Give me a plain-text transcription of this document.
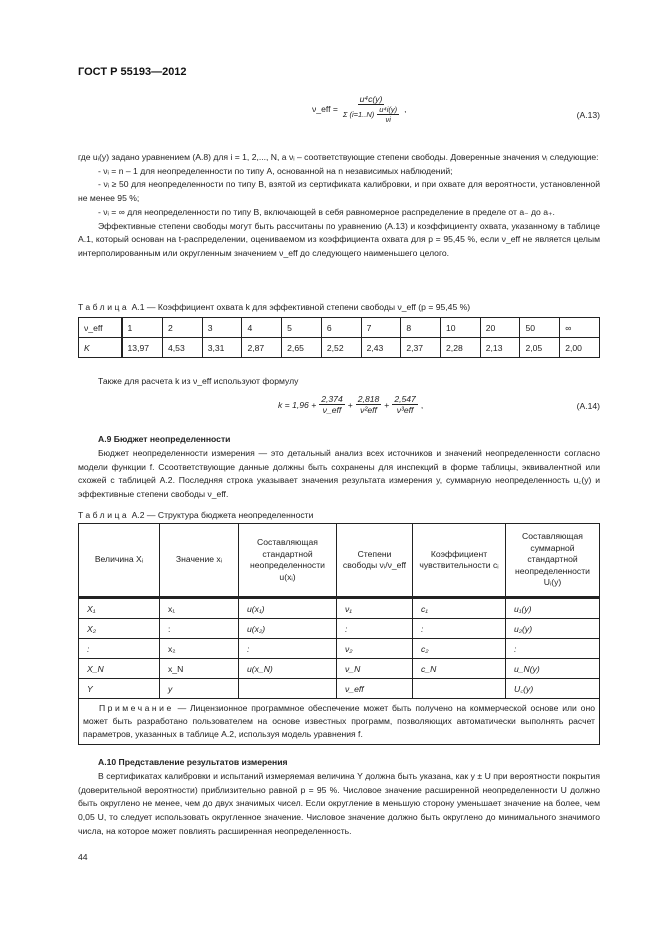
ГОСТ Р 55193—2012
ν_eff = $\frac{\text{u⁴c(y)}}{\Sigma (i=1..N) \frac{\text{u⁴i(y)}}{\nu i}}$ ,
(А.13)
где uᵢ(y) задано уравнением (А.8) для i = 1, 2,..., N, а νᵢ – соответствующие степени свободы. Доверенные значения νᵢ следующие:
- νᵢ = n – 1 для неопределенности по типу А, основанной на n независимых наблюдений;
- νᵢ ≥ 50 для неопределенности по типу В, взятой из сертификата калибровки, и при охвате для вероятности, установленной не менее 95 %;
- νᵢ = ∞ для неопределенности по типу В, включающей в себя равномерное распределение в пределе от a₋ до a₊.
Эффективные степени свободы могут быть рассчитаны по уравнению (А.13) и коэффициенту охвата, указанному в таблице А.1, который основан на t-распределении, оцениваемом из коэффициента охвата для p = 95,45 %, если ν_eff не является целым интерполированным или округленным значением ν_eff до следующего наименьшего целого.
Таблица А.1 — Коэффициент охвата k для эффективной степени свободы ν_eff (p = 95,45 %)
ν_eff	1	2	3	4	5	6	7	8	10	20	50	∞
K	13,97	4,53	3,31	2,87	2,65	2,52	2,43	2,37	2,28	2,13	2,05	2,00
Также для расчета k из ν_eff используют формулу
$k = 1,96 + \frac{2,374}{\text{ν\_eff}} + \frac{2,818}{\text{ν²eff}} + \frac{2,547}{\text{ν³eff}}$ ,	(А.14)
А.9 Бюджет неопределенности
Бюджет неопределенности измерения — это детальный анализ всех источников и значений неопределенности согласно модели функции f. Ссоответствующие данные должны быть сохранены для инспекций в форме таблицы, эквивалентной или схожей с таблицей А.2. Последняя строка указывает значения результата измерения y, суммарную неопределенность u꜀(y) и эффективные степени свободы ν_eff.
Таблица А.2 — Структура бюджета неопределенности
Величина Xᵢ	Значение xᵢ	Составляющая стандартной неопределенности u(xᵢ)	Степени свободы νᵢ/ν_eff	Коэффициент чувствительности cᵢ	Составляющая суммарной стандартной неопределенности Uᵢ(y)
X₁	x₁	u(x₁)	ν₁	c₁	u₁(y)
X₂	:	u(x₂)	:	:	u₂(y)
:	x₂	:	ν₂	c₂	:
X_N	x_N	u(x_N)	ν_N	c_N	u_N(y)
Y	y		ν_eff		U꜀(y)
Примечание — Лицензионное программное обеспечение может быть получено на коммерческой основе или оно может быть разработано пользователем на основе известных программ, позволяющих автоматически выполнять расчет параметров, указанных в таблице А.2, используя модель уравнения f.					
А.10 Представление результатов измерения
В сертификатах калибровки и испытаний измеряемая величина Y должна быть указана, как y ± U при вероятности покрытия (доверительной вероятности) приблизительно равной p = 95 %. Числовое значение расширенной неопределенности U должно быть округлено не менее, чем до двух значимых чисел. Если округление в меньшую сторону уменьшает значение на более, чем 0,05 U, то следует использовать округленное значение. Числовое значение должно быть округлено до минимального значимого числа, на которое может повлиять расширенная неопределенность.
44
